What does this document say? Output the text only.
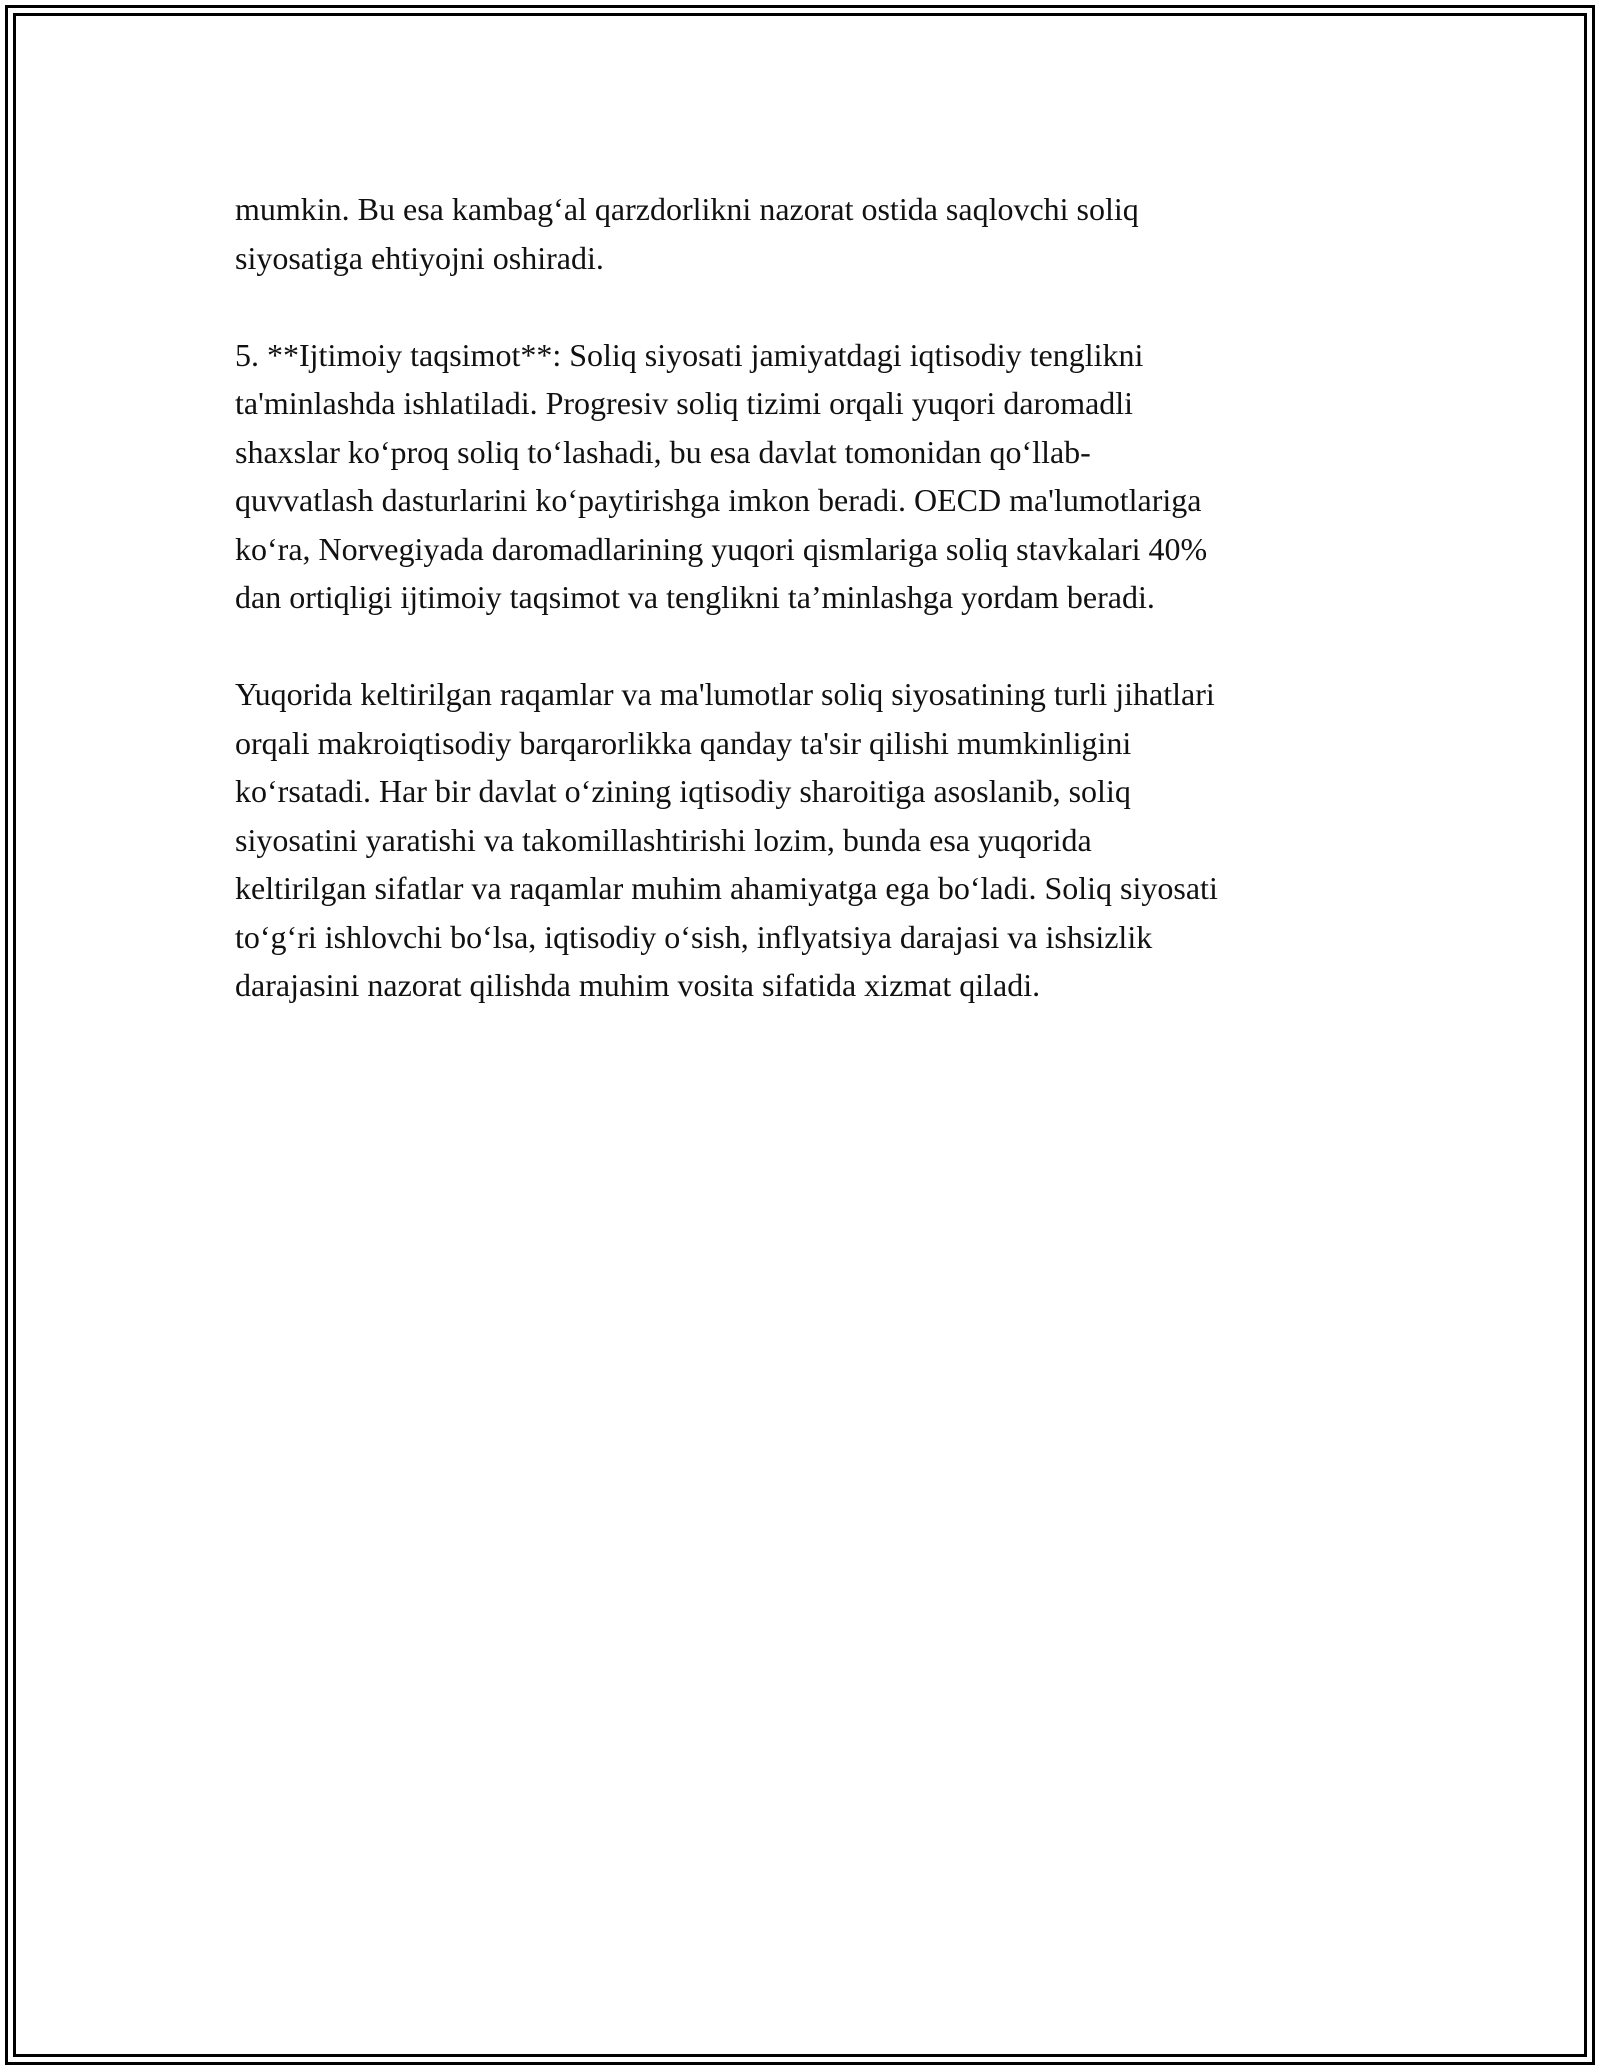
mumkin. Bu esa kambag‘al qarzdorlikni nazorat ostida saqlovchi soliq
siyosatiga ehtiyojni oshiradi.

5. **Ijtimoiy taqsimot**: Soliq siyosati jamiyatdagi iqtisodiy tenglikni
ta'minlashda ishlatiladi. Progresiv soliq tizimi orqali yuqori daromadli
shaxslar ko‘proq soliq to‘lashadi, bu esa davlat tomonidan qo‘llab-
quvvatlash dasturlarini ko‘paytirishga imkon beradi. OECD ma'lumotlariga
ko‘ra, Norvegiyada daromadlarining yuqori qismlariga soliq stavkalari 40%
dan ortiqligi ijtimoiy taqsimot va tenglikni ta’minlashga yordam beradi.

Yuqorida keltirilgan raqamlar va ma'lumotlar soliq siyosatining turli jihatlari
orqali makroiqtisodiy barqarorlikka qanday ta'sir qilishi mumkinligini
ko‘rsatadi. Har bir davlat o‘zining iqtisodiy sharoitiga asoslanib, soliq
siyosatini yaratishi va takomillashtirishi lozim, bunda esa yuqorida
keltirilgan sifatlar va raqamlar muhim ahamiyatga ega bo‘ladi. Soliq siyosati
to‘g‘ri ishlovchi bo‘lsa, iqtisodiy o‘sish, inflyatsiya darajasi va ishsizlik
darajasini nazorat qilishda muhim vosita sifatida xizmat qiladi.
